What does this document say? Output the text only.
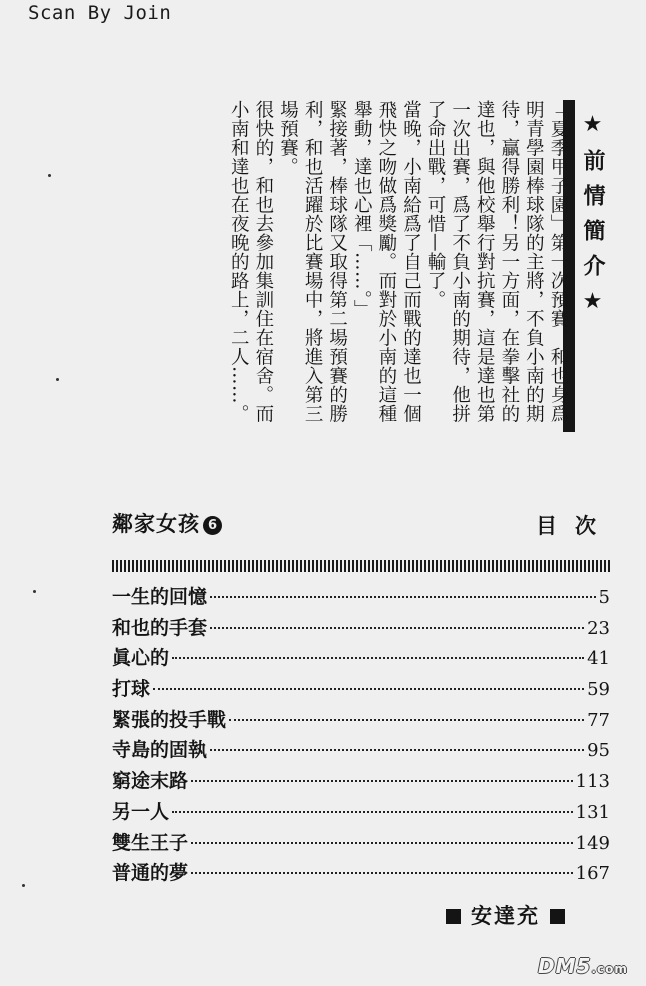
Scan By Join
★前情簡介★

「夏季甲子園」第一次預賽，和也身爲明青學園棒球隊的主將，不負小南的期待，贏得勝利！另一方面，在拳擊社的達也，與他校舉行對抗賽，這是達也第一次出賽，爲了不負小南的期待，他拼了命出戰，可惜—輸了。

當晚，小南給爲了自己而戰的達也一個飛快之吻做爲獎勵。而對於小南的這種舉動，達也心裡「……。」

緊接著，棒球隊又取得第二場預賽的勝利，和也活躍於比賽場中，將進入第三場預賽。

很快的，和也去參加集訓住在宿舍。而小南和達也在夜晚的路上，二人……。

鄰家女孩 6	目次
一生的回憶	5
和也的手套	23
眞心的	41
打球	59
緊張的投手戰	77
寺島的固執	95
窮途末路	113
另一人	131
雙生王子	149
普通的夢	167
安達充
DM5.com
